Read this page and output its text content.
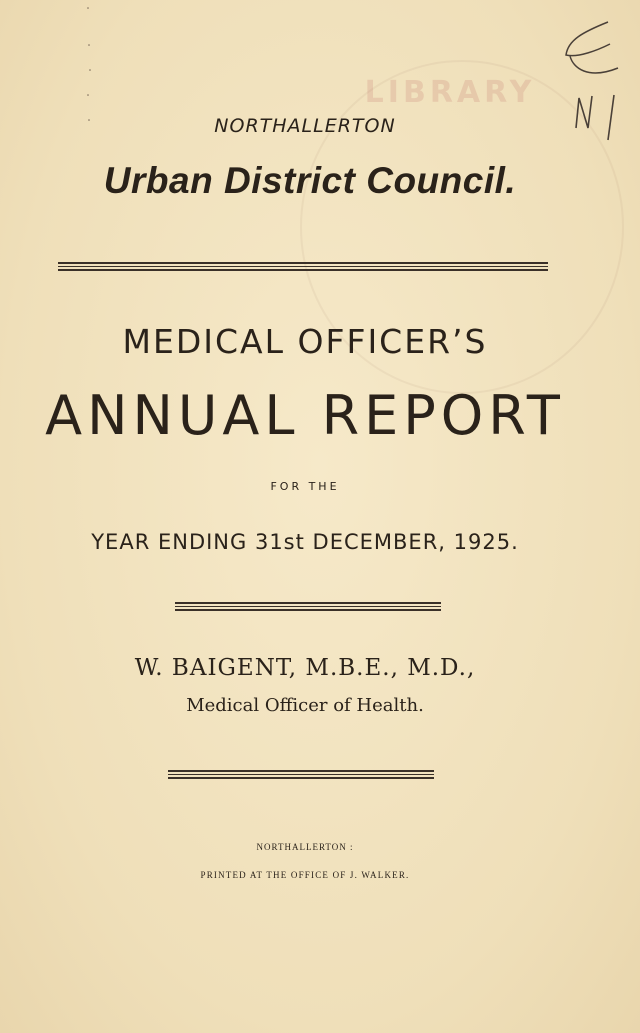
LIBRARY
NORTHALLERTON
Urban District Council.
MEDICAL OFFICER’S
ANNUAL REPORT
FOR THE
YEAR ENDING 31st DECEMBER, 1925.
W. BAIGENT, M.B.E., M.D.,
Medical Officer of Health.
NORTHALLERTON :
PRINTED AT THE OFFICE OF J. WALKER.
